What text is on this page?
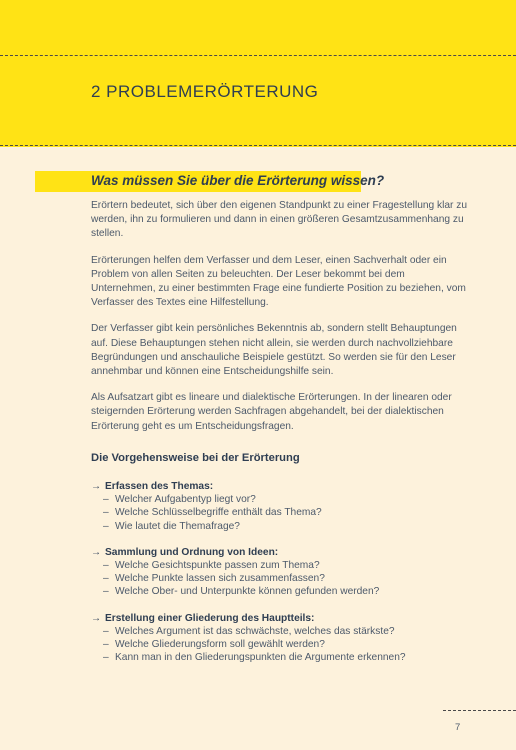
2 PROBLEMERÖRTERUNG
Was müssen Sie über die Erörterung wissen?

Erörtern bedeutet, sich über den eigenen Standpunkt zu einer Fragestellung klar zu werden, ihn zu formulieren und dann in einen größeren Gesamtzusammenhang zu stellen.

Erörterungen helfen dem Verfasser und dem Leser, einen Sachverhalt oder ein Problem von allen Seiten zu beleuchten. Der Leser bekommt bei dem Unternehmen, zu einer bestimmten Frage eine fundierte Position zu beziehen, vom Verfasser des Textes eine Hilfestellung.

Der Verfasser gibt kein persönliches Bekenntnis ab, sondern stellt Behauptungen auf. Diese Behauptungen stehen nicht allein, sie werden durch nachvollziehbare Begründungen und anschauliche Beispiele gestützt. So werden sie für den Leser annehmbar und können eine Entscheidungshilfe sein.

Als Aufsatzart gibt es lineare und dialektische Erörterungen. In der linearen oder steigernden Erörterung werden Sachfragen abgehandelt, bei der dialektischen Erörterung geht es um Entscheidungsfragen.

Die Vorgehensweise bei der Erörterung
→ Erfassen des Themas:
– Welcher Aufgabentyp liegt vor?
– Welche Schlüsselbegriffe enthält das Thema?
– Wie lautet die Themafrage?
→ Sammlung und Ordnung von Ideen:
– Welche Gesichtspunkte passen zum Thema?
– Welche Punkte lassen sich zusammenfassen?
– Welche Ober- und Unterpunkte können gefunden werden?
→ Erstellung einer Gliederung des Hauptteils:
– Welches Argument ist das schwächste, welches das stärkste?
– Welche Gliederungsform soll gewählt werden?
– Kann man in den Gliederungspunkten die Argumente erkennen?
7
